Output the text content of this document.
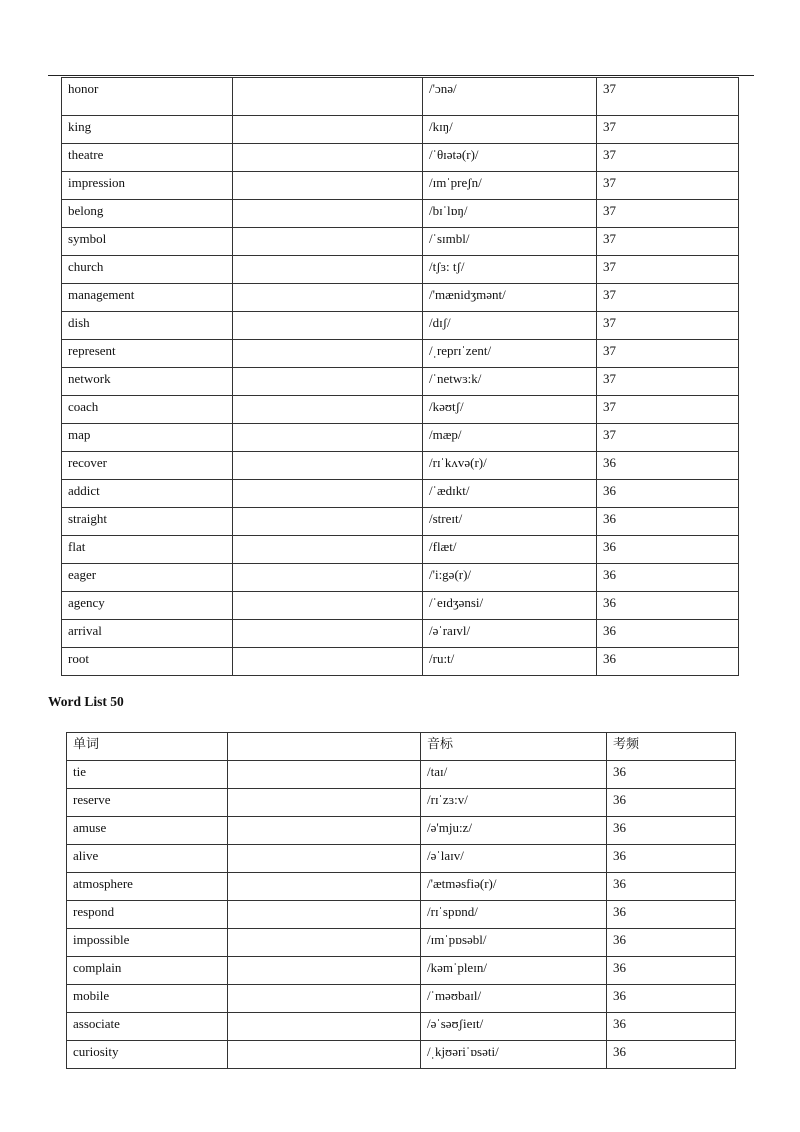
honor		/'ɔnə/	37
king		/kɪŋ/	37
theatre		/ˈθɪətə(r)/	37
impression		/ɪmˈpreʃn/	37
belong		/bɪˈlɒŋ/	37
symbol		/ˈsɪmbl/	37
church		/tʃɜ: tʃ/	37
management		/'mænidʒmənt/	37
dish		/dɪʃ/	37
represent		/ˌreprɪˈzent/	37
network		/ˈnetwɜ:k/	37
coach		/kəʊtʃ/	37
map		/mæp/	37
recover		/rɪˈkʌvə(r)/	36
addict		/ˈædɪkt/	36
straight		/streɪt/	36
flat		/flæt/	36
eager		/'i:gə(r)/	36
agency		/ˈeɪdʒənsi/	36
arrival		/əˈraɪvl/	36
root		/ru:t/	36
Word List 50
单词		音标	考频
tie		/taɪ/	36
reserve		/rɪˈzɜ:v/	36
amuse		/ə'mju:z/	36
alive		/əˈlaɪv/	36
atmosphere		/'ætməsfiə(r)/	36
respond		/rɪˈspɒnd/	36
impossible		/ɪmˈpɒsəbl/	36
complain		/kəmˈpleɪn/	36
mobile		/ˈməʊbaɪl/	36
associate		/əˈsəʊʃieɪt/	36
curiosity		/ˌkjʊəriˈɒsəti/	36
